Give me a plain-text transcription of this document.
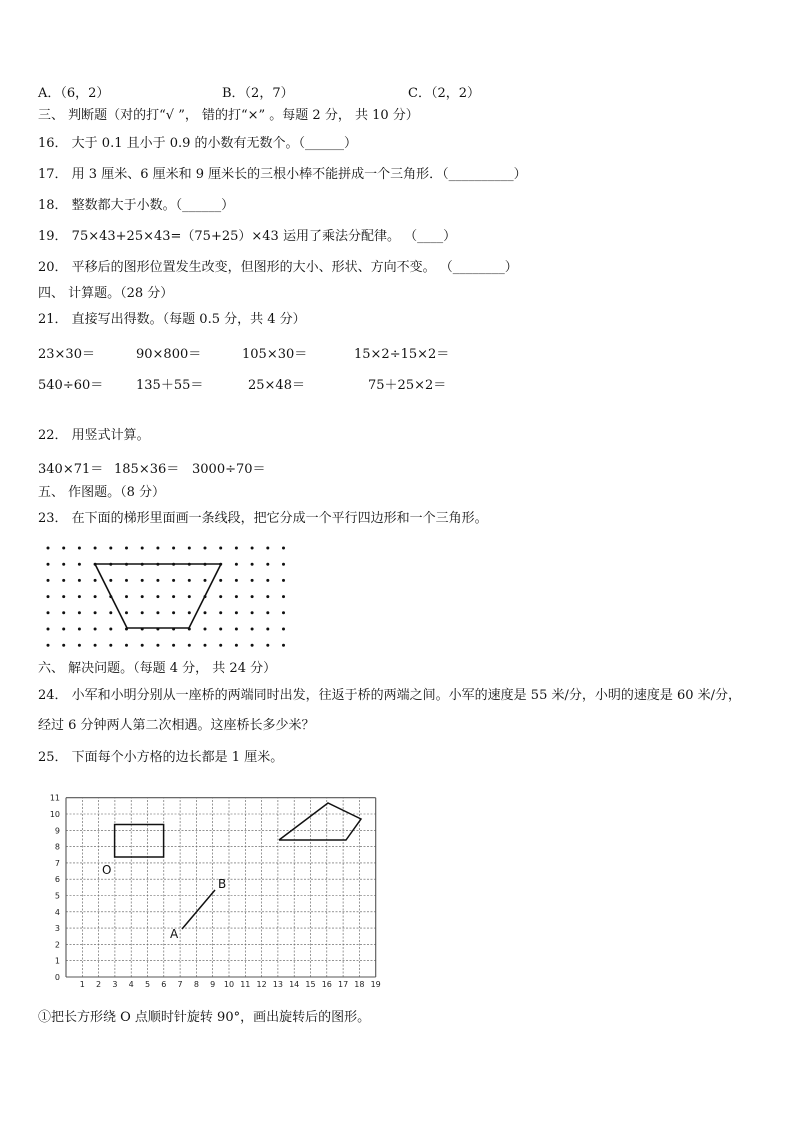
A．（6，2）	B．（2，7）	C．（2，2）
三、 判断题（对的打“√ ”， 错的打“×” 。每题 2 分， 共 10 分）
16． 大于 0.1 且小于 0.9 的小数有无数个。（______）
17． 用 3 厘米、6 厘米和 9 厘米长的三根小棒不能拼成一个三角形．（__________）
18． 整数都大于小数。（______）
19． 75×43+25×43=（75+25）×43 运用了乘法分配律。 （____）
20． 平移后的图形位置发生改变，但图形的大小、形状、方向不变。 （________）
四、 计算题。（28 分）
21． 直接写出得数。（每题 0.5 分，共 4 分）
23×30＝	90×800＝	105×30＝	15×2÷15×2＝
540÷60＝	135＋55＝	25×48＝	75＋25×2＝
22． 用竖式计算。
340×71＝ 185×36＝ 3000÷70＝
五、 作图题。（8 分）
23． 在下面的梯形里面画一条线段，把它分成一个平行四边形和一个三角形。
六、 解决问题。（每题 4 分， 共 24 分）
24． 小军和小明分别从一座桥的两端同时出发，往返于桥的两端之间。小军的速度是 55 米/分，小明的速度是 60 米/分，
经过 6 分钟两人第二次相遇。这座桥长多少米？
25． 下面每个小方格的边长都是 1 厘米。
0
1
2
3
4
5
6
7
8
9
10
11
1 2 3 4 5 6 7 8 9 10 11 12 13 14 15 16 17 18 19
O
A
B
①把长方形绕 O 点顺时针旋转 90°，画出旋转后的图形。
